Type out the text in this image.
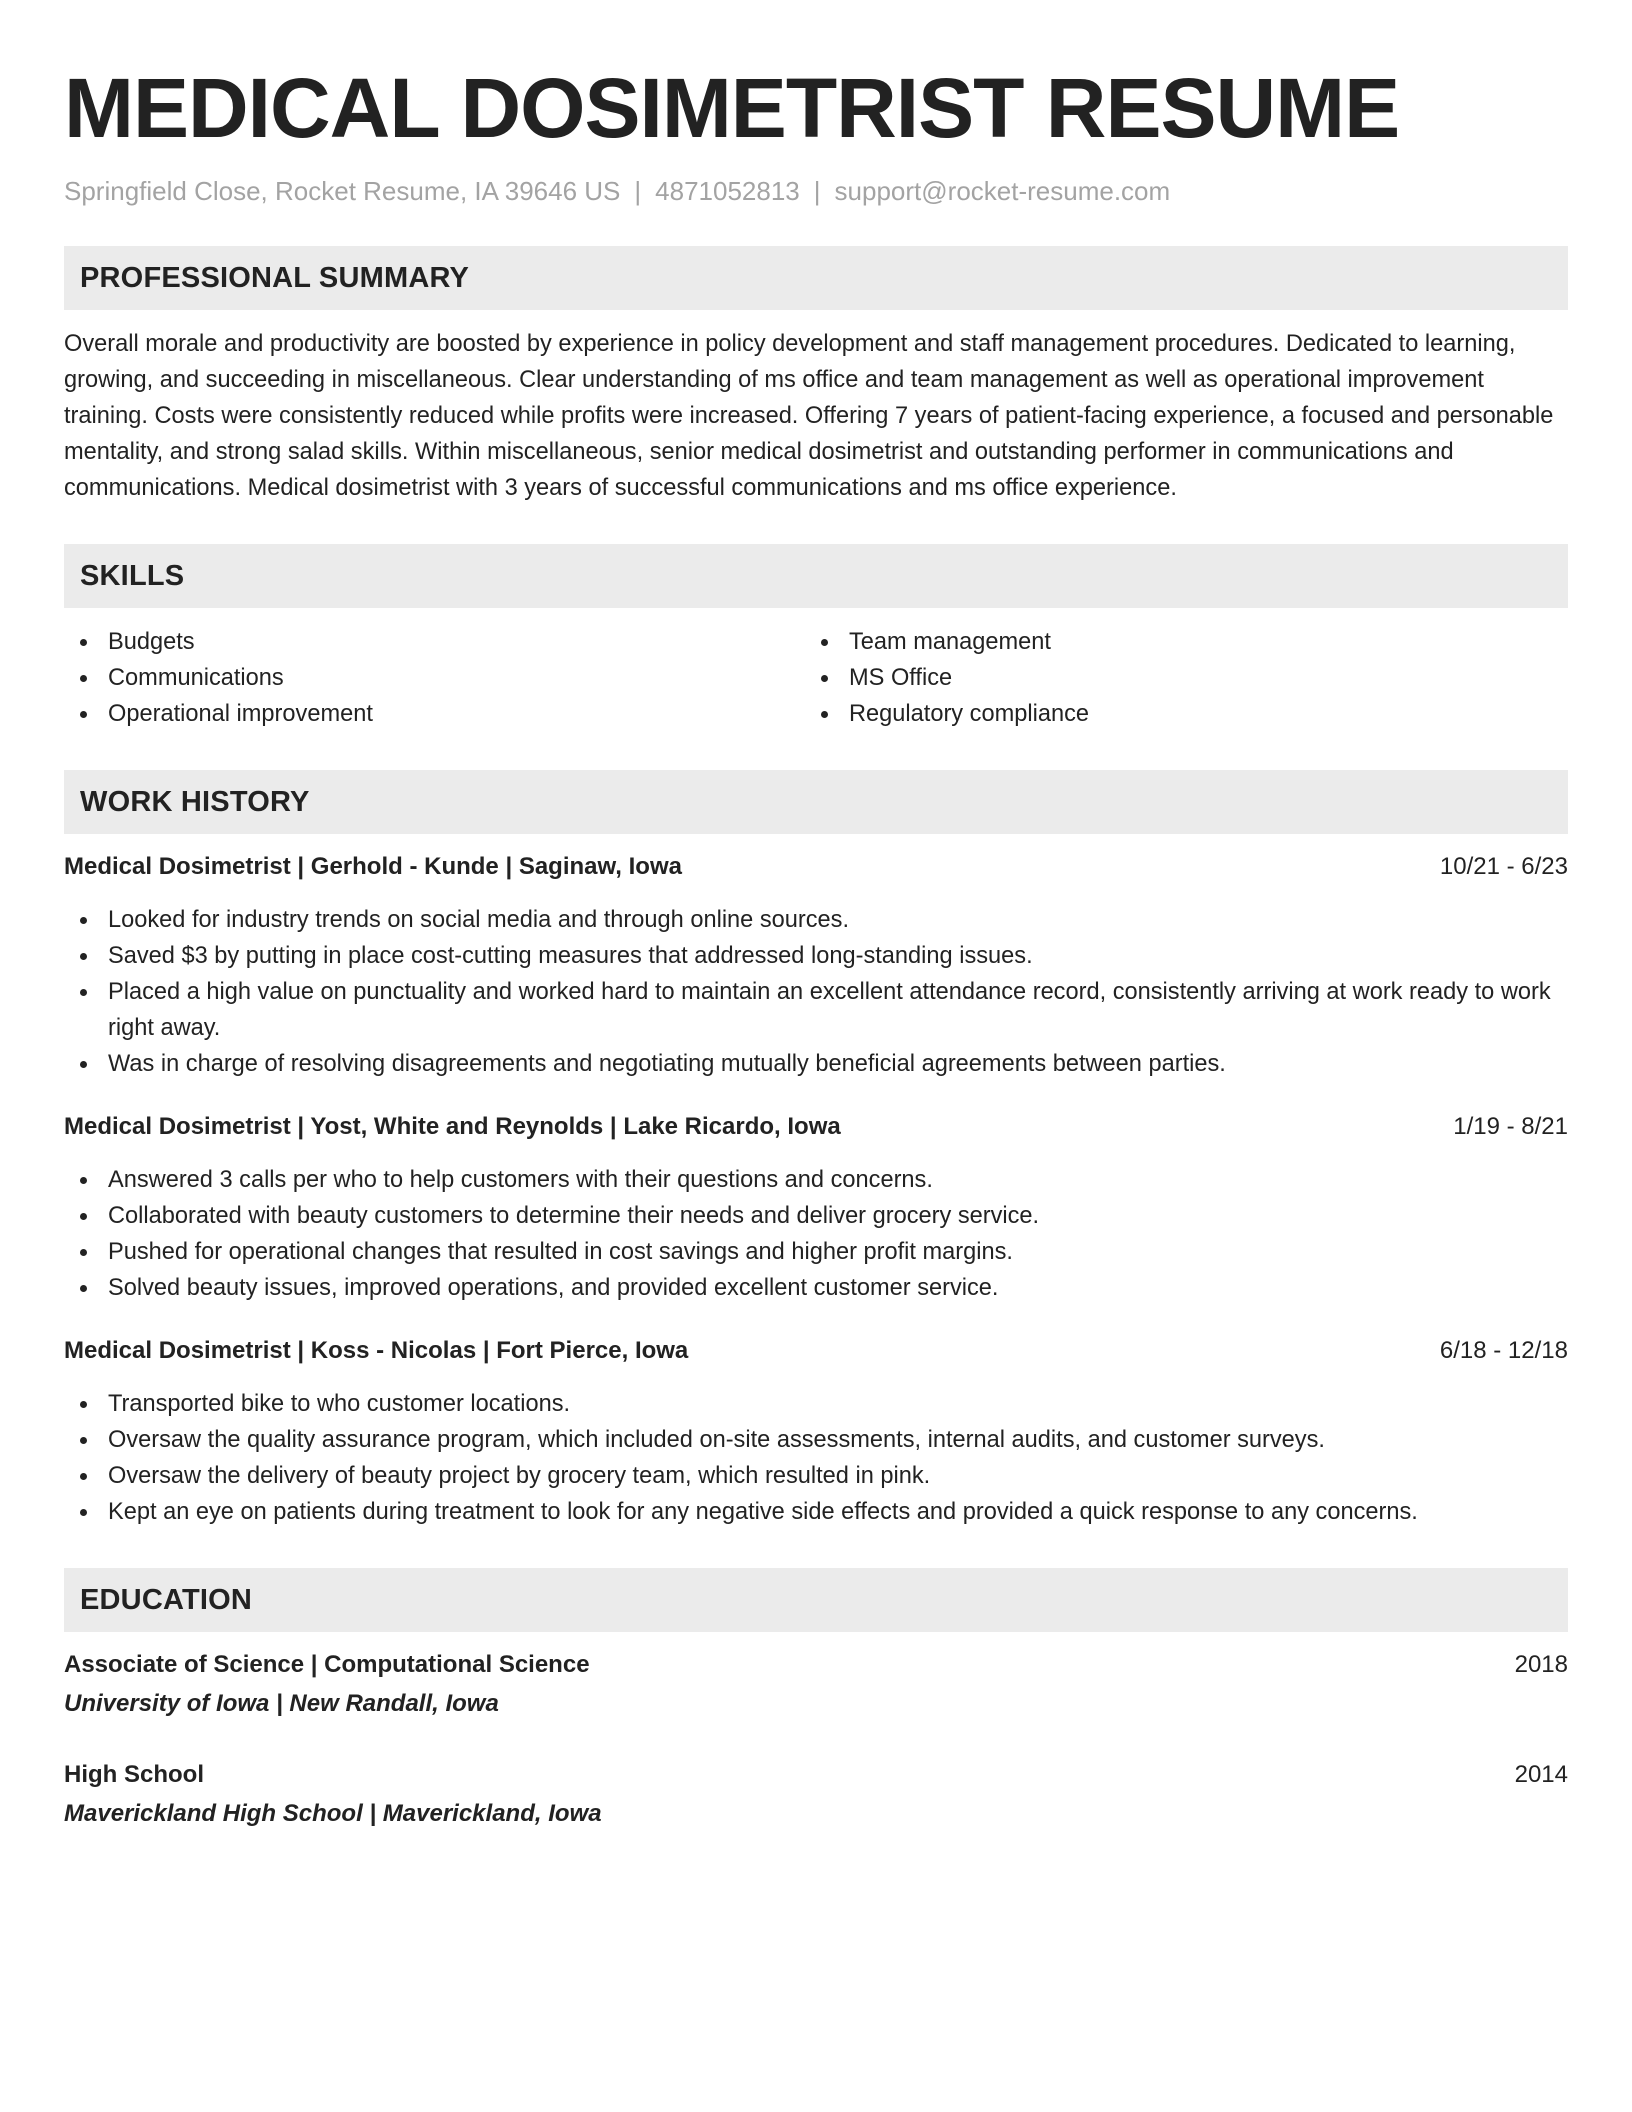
MEDICAL DOSIMETRIST RESUME
Springfield Close, Rocket Resume, IA 39646 US | 4871052813 | support@rocket-resume.com
PROFESSIONAL SUMMARY

Overall morale and productivity are boosted by experience in policy development and staff management procedures. Dedicated to learning, growing, and succeeding in miscellaneous. Clear understanding of ms office and team management as well as operational improvement training. Costs were consistently reduced while profits were increased. Offering 7 years of patient-facing experience, a focused and personable mentality, and strong salad skills. Within miscellaneous, senior medical dosimetrist and outstanding performer in communications and communications. Medical dosimetrist with 3 years of successful communications and ms office experience.

SKILLS
Budgets
Communications
Operational improvement
Team management
MS Office
Regulatory compliance
WORK HISTORY
Medical Dosimetrist | Gerhold - Kunde | Saginaw, Iowa	10/21 - 6/23
Looked for industry trends on social media and through online sources.
Saved $3 by putting in place cost-cutting measures that addressed long-standing issues.
Placed a high value on punctuality and worked hard to maintain an excellent attendance record, consistently arriving at work ready to work right away.
Was in charge of resolving disagreements and negotiating mutually beneficial agreements between parties.
Medical Dosimetrist | Yost, White and Reynolds | Lake Ricardo, Iowa	1/19 - 8/21
Answered 3 calls per who to help customers with their questions and concerns.
Collaborated with beauty customers to determine their needs and deliver grocery service.
Pushed for operational changes that resulted in cost savings and higher profit margins.
Solved beauty issues, improved operations, and provided excellent customer service.
Medical Dosimetrist | Koss - Nicolas | Fort Pierce, Iowa	6/18 - 12/18
Transported bike to who customer locations.
Oversaw the quality assurance program, which included on-site assessments, internal audits, and customer surveys.
Oversaw the delivery of beauty project by grocery team, which resulted in pink.
Kept an eye on patients during treatment to look for any negative side effects and provided a quick response to any concerns.
EDUCATION
Associate of Science | Computational Science	2018
University of Iowa | New Randall, Iowa
High School	2014
Maverickland High School | Maverickland, Iowa
